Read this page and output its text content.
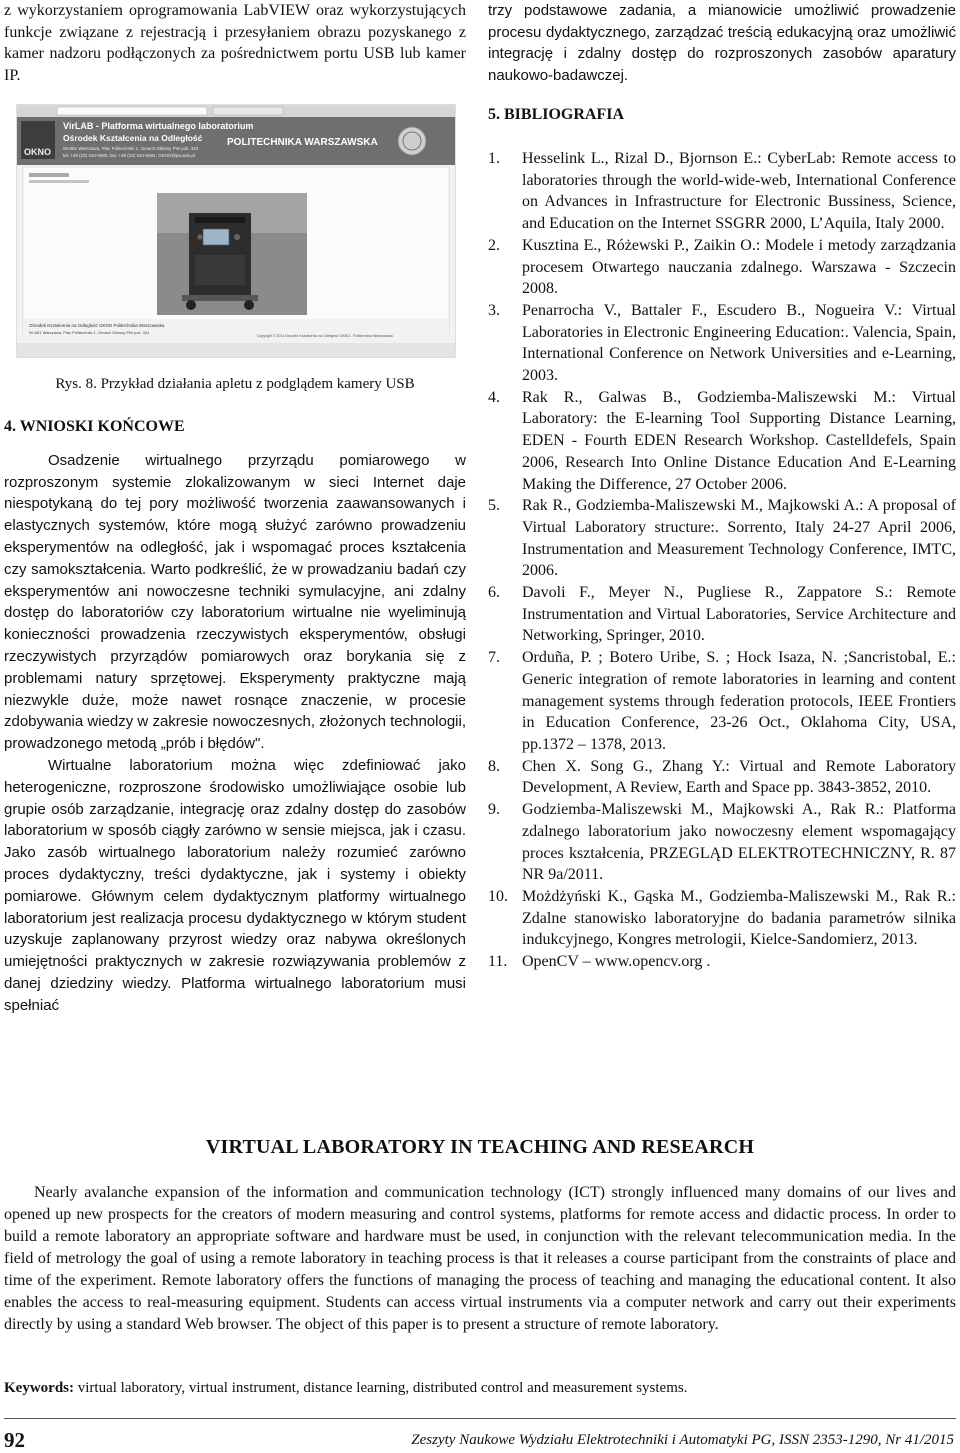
z wykorzystaniem oprogramowania LabVIEW oraz wykorzystujących funkcje związane z rejestracją i przesyłaniem obrazu pozyskanego z kamer nadzoru podłączonych za pośrednictwem portu USB lub kamer IP.

trzy podstawowe zadania, a mianowicie umożliwić prowadzenie procesu dydaktycznego, zarządzać treścią edukacyjną oraz umożliwić integrację i zdalny dostęp do rozproszonych zasobów aparatury naukowo-badawczej.

OKNO
VirLAB - Platforma wirtualnego laboratorium
Ośrodek Kształcenia na Odległość
00-661 Warszawa, Plac Politechniki 1, Gmach Główny PW pok. 324
tel: +48 (22) 234-5580, fax: +48 (22) 234-5584, OKNO@pw.edu.pl
POLITECHNIKA WARSZAWSKA
Ośrodek Kształcenia na Odległość OKNO Politechnika Warszawska
00-661 Warszawa, Plac Politechniki 1, Gmach Główny PW pok. 324
Copyright © 2014 Ośrodek Kształcenia na Odległość OKNO - Politechnika Warszawska
Rys. 8. Przykład działania apletu z podglądem kamery USB

4. WNIOSKI KOŃCOWE

Osadzenie wirtualnego przyrządu pomiarowego w rozproszonym systemie zlokalizowanym w sieci Internet daje niespotykaną do tej pory możliwość tworzenia zaawansowanych i elastycznych systemów, które mogą służyć zarówno prowadzeniu eksperymentów na odległość, jak i wspomagać proces kształcenia czy samokształcenia. Warto podkreślić, że w prowadzaniu badań czy eksperymentów ani nowoczesne techniki symulacyjne, ani zdalny dostęp do laboratoriów czy laboratorium wirtualne nie wyeliminują konieczności prowadzenia rzeczywistych eksperymentów, obsługi rzeczywistych przyrządów pomiarowych oraz borykania się z problemami natury sprzętowej. Eksperymenty praktyczne mają niezwykle duże, może nawet rosnące znaczenie, w procesie zdobywania wiedzy w zakresie nowoczesnych, złożonych technologii, prowadzonego metodą „prób i błędów".

Wirtualne laboratorium można więc zdefiniować jako heterogeniczne, rozproszone środowisko umożliwiające osobie lub grupie osób zarządzanie, integrację oraz zdalny dostęp do zasobów laboratorium w sposób ciągły zarówno w sensie miejsca, jak i czasu. Jako zasób wirtualnego laboratorium należy rozumieć zarówno proces dydaktyczny, treści dydaktyczne, jak i systemy i obiekty pomiarowe. Głównym celem dydaktycznym platformy wirtualnego laboratorium jest realizacja procesu dydaktycznego w którym student uzyskuje zaplanowany przyrost wiedzy oraz nabywa określonych umiejętności praktycznych w zakresie rozwiązywania problemów z danej dziedziny wiedzy. Platforma wirtualnego laboratorium musi spełniać

5. BIBLIOGRAFIA

1.	Hesselink L., Rizal D., Bjornson E.: CyberLab: Remote access to laboratories through the world-wide-web, International Conference on Advances in Infrastructure for Electronic Bussiness, Science, and Education on the Internet SSGRR 2000, L’Aquila, Italy 2000.
2.	Kusztina E., Różewski P., Zaikin O.: Modele i metody zarządzania procesem Otwartego nauczania zdalnego. Warszawa - Szczecin 2008.
3.	Penarrocha V., Battaler F., Escudero B., Nogueira V.: Virtual Laboratories in Electronic Engineering Education:. Valencia, Spain, International Conference on Network Universities and e-Learning, 2003.
4.	Rak R., Galwas B., Godziemba-Maliszewski M.: Virtual Laboratory: the E-learning Tool Supporting Distance Learning, EDEN - Fourth EDEN Research Workshop. Castelldefels, Spain 2006, Research Into Online Distance Education And E-Learning Making the Difference, 27 October 2006.
5.	Rak R., Godziemba-Maliszewski M., Majkowski A.: A proposal of Virtual Laboratory structure:. Sorrento, Italy 24-27 April 2006, Instrumentation and Measurement Technology Conference, IMTC, 2006.
6.	Davoli F., Meyer N., Pugliese R., Zappatore S.: Remote Instrumentation and Virtual Laboratories, Service Architecture and Networking, Springer, 2010.
7.	Orduña, P. ; Botero Uribe, S. ; Hock Isaza, N. ;Sancristobal, E.: Generic integration of remote laboratories in learning and content management systems through federation protocols, IEEE Frontiers in Education Conference, 23-26 Oct., Oklahoma City, USA, pp.1372 – 1378, 2013.
8.	Chen X. Song G., Zhang Y.: Virtual and Remote Laboratory Development, A Review, Earth and Space pp. 3843-3852, 2010.
9.	Godziemba-Maliszewski M., Majkowski A., Rak R.: Platforma zdalnego laboratorium jako nowoczesny element wspomagający proces kształcenia, PRZEGLĄD ELEKTROTECHNICZNY, R. 87 NR 9a/2011.
10. Możdżyński K., Gąska M., Godziemba-Maliszewski M., Rak R.: Zdalne stanowisko laboratoryjne do badania parametrów silnika indukcyjnego, Kongres metrologii, Kielce-Sandomierz, 2013.
11. OpenCV – www.opencv.org .
VIRTUAL LABORATORY IN TEACHING AND RESEARCH

Nearly avalanche expansion of the information and communication technology (ICT) strongly influenced many domains of our lives and opened up new prospects for the creators of modern measuring and control systems, platforms for remote access and didactic process. In order to build a remote laboratory an appropriate software and hardware must be used, in conjunction with the relevant telecommunication media. In the field of metrology the goal of using a remote laboratory in teaching process is that it releases a course participant from the constraints of place and time of the experiment. Remote laboratory offers the functions of managing the process of teaching and managing the educational content. It also enables the access to real-measuring equipment. Students can access virtual instruments via a computer network and carry out their experiments directly by using a standard Web browser. The object of this paper is to present a structure of remote laboratory.

Keywords: virtual laboratory, virtual instrument, distance learning, distributed control and measurement systems.

92	Zeszyty Naukowe Wydziału Elektrotechniki i Automatyki PG, ISSN 2353-1290, Nr 41/2015
